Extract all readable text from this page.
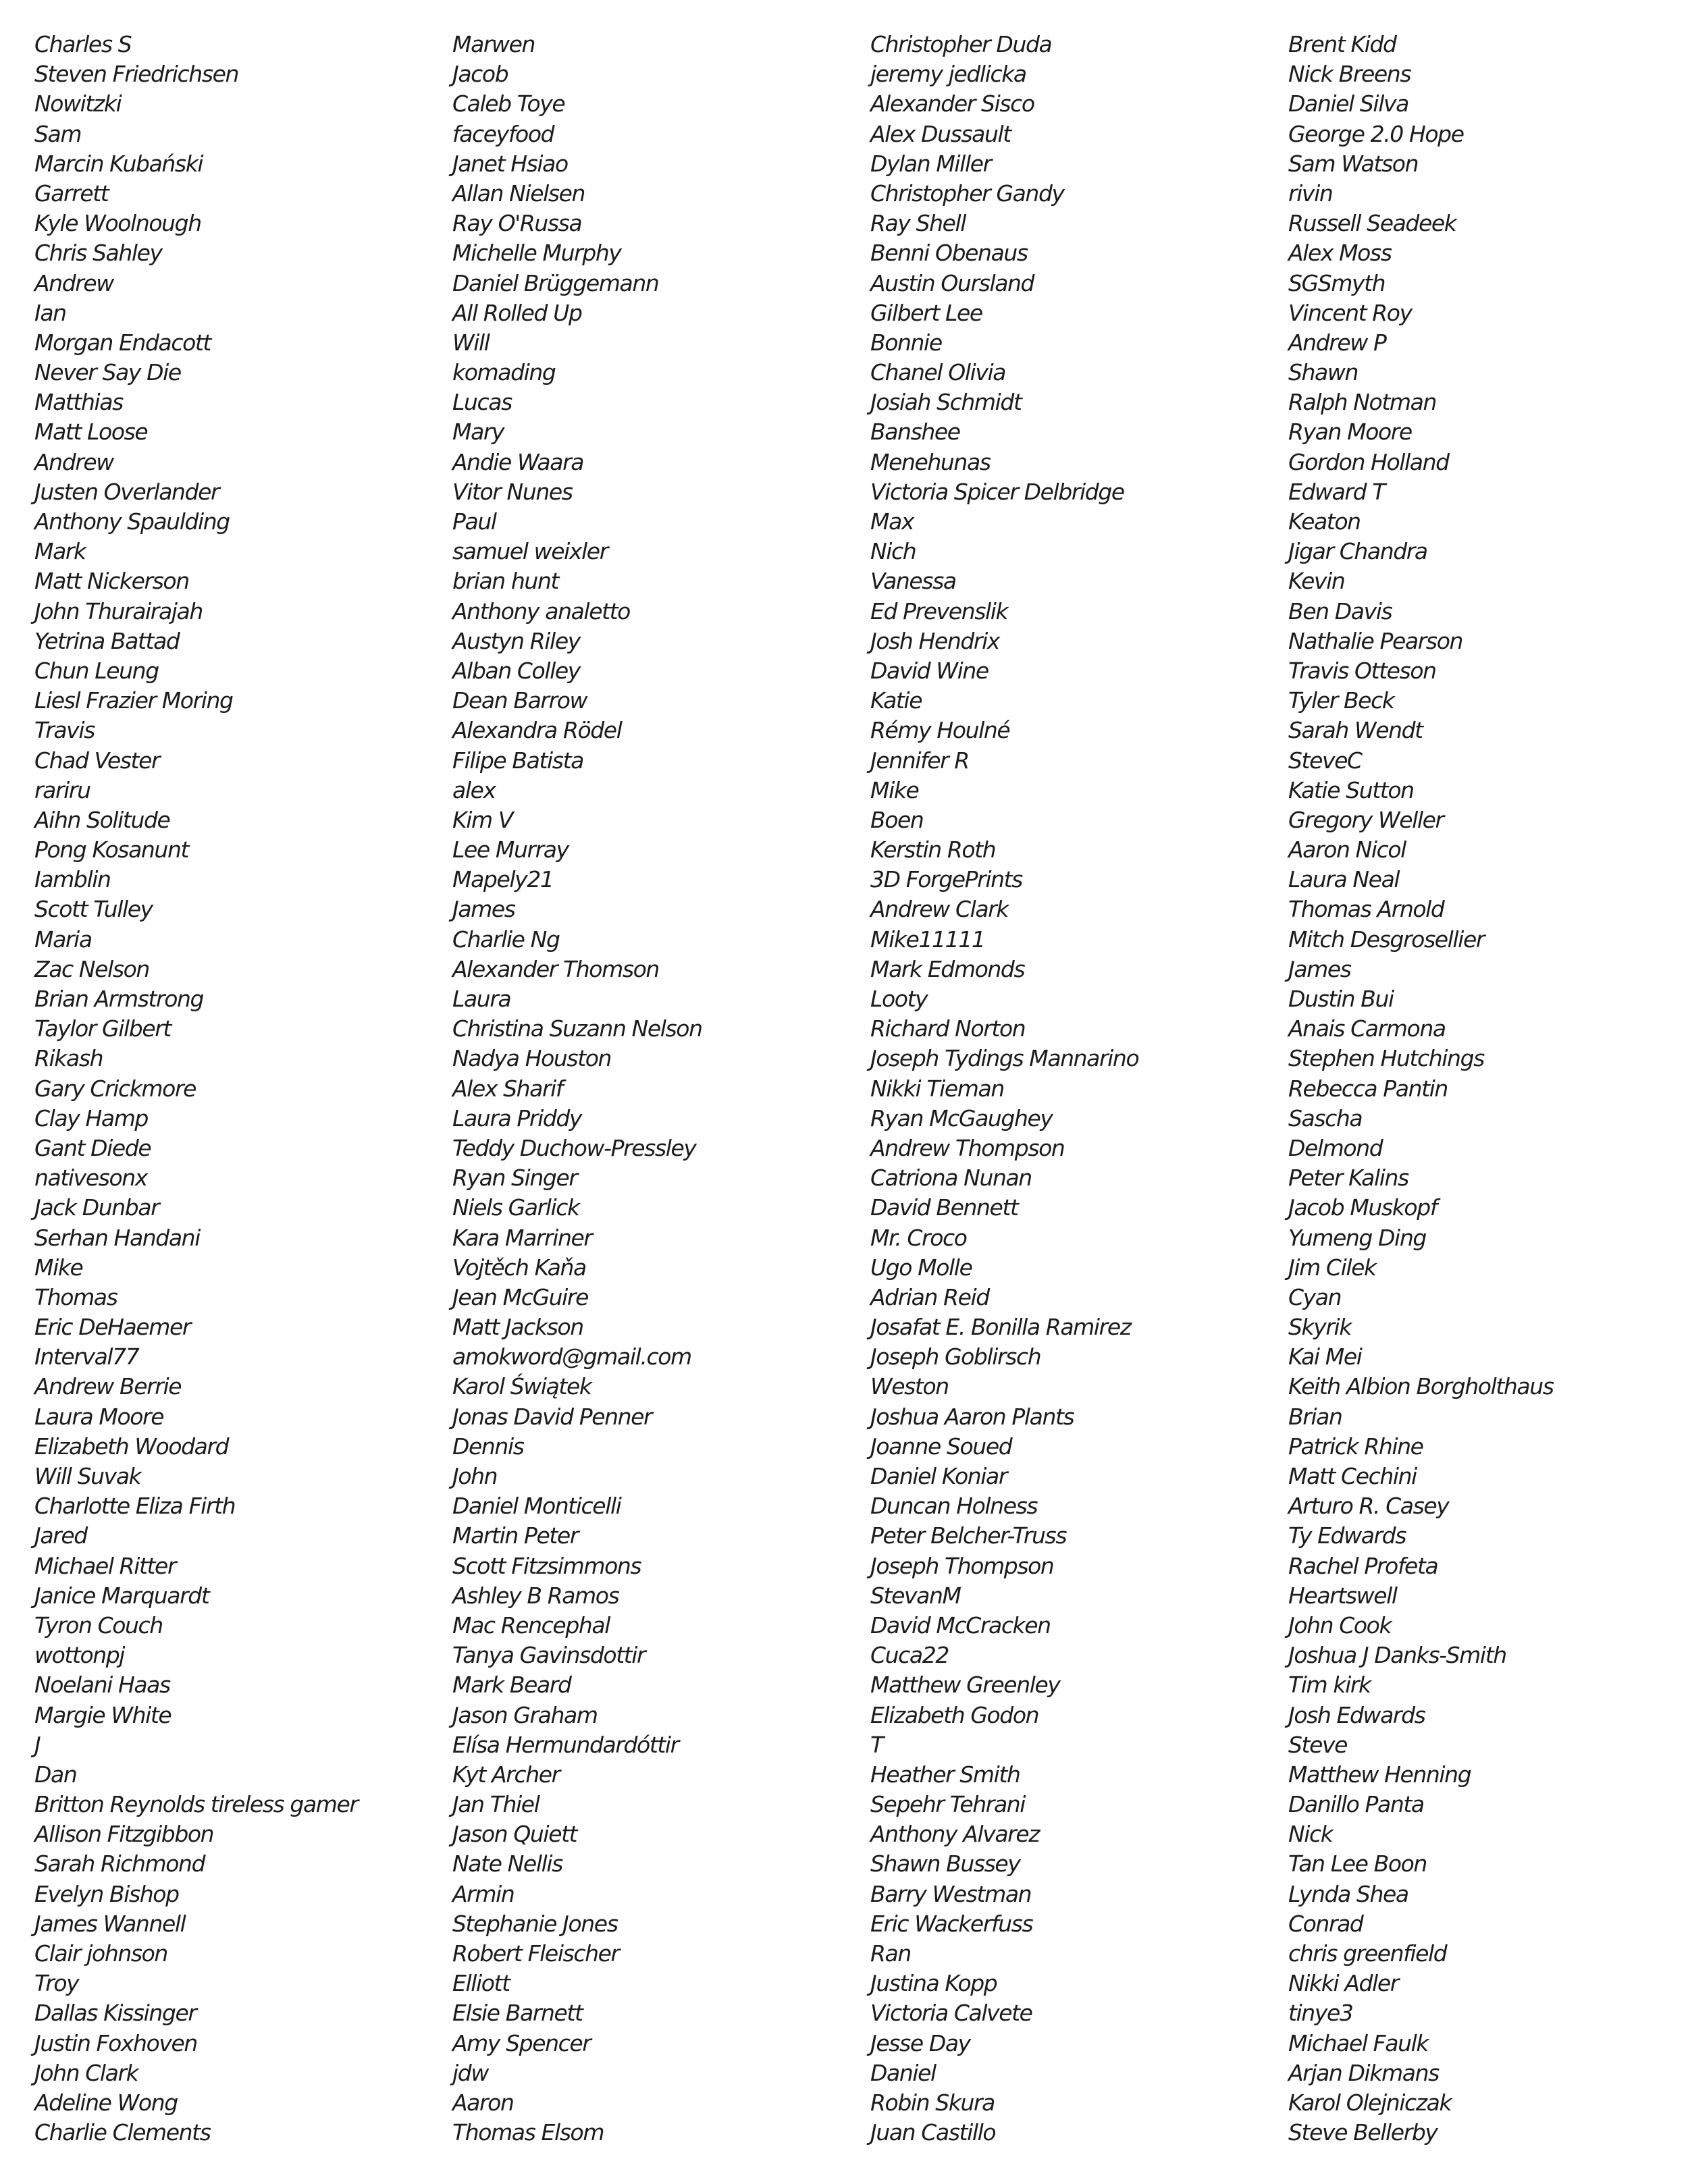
Charles S
Steven Friedrichsen
Nowitzki
Sam
Marcin Kubański
Garrett
Kyle Woolnough
Chris Sahley
Andrew
Ian
Morgan Endacott
Never Say Die
Matthias
Matt Loose
Andrew
Justen Overlander
Anthony Spaulding
Mark
Matt Nickerson
John Thurairajah
Yetrina Battad
Chun Leung
Liesl Frazier Moring
Travis
Chad Vester
rariru
Aihn Solitude
Pong Kosanunt
Iamblin
Scott Tulley
Maria
Zac Nelson
Brian Armstrong
Taylor Gilbert
Rikash
Gary Crickmore
Clay Hamp
Gant Diede
nativesonx
Jack Dunbar
Serhan Handani
Mike
Thomas
Eric DeHaemer
Interval77
Andrew Berrie
Laura Moore
Elizabeth Woodard
Will Suvak
Charlotte Eliza Firth
Jared
Michael Ritter
Janice Marquardt
Tyron Couch
wottonpj
Noelani Haas
Margie White
J
Dan
Britton Reynolds tireless gamer
Allison Fitzgibbon
Sarah Richmond
Evelyn Bishop
James Wannell
Clair johnson
Troy
Dallas Kissinger
Justin Foxhoven
John Clark
Adeline Wong
Charlie Clements
Marwen
Jacob
Caleb Toye
faceyfood
Janet Hsiao
Allan Nielsen
Ray O'Russa
Michelle Murphy
Daniel Brüggemann
All Rolled Up
Will
komading
Lucas
Mary
Andie Waara
Vitor Nunes
Paul
samuel weixler
brian hunt
Anthony analetto
Austyn Riley
Alban Colley
Dean Barrow
Alexandra Rödel
Filipe Batista
alex
Kim V
Lee Murray
Mapely21
James
Charlie Ng
Alexander Thomson
Laura
Christina Suzann Nelson
Nadya Houston
Alex Sharif
Laura Priddy
Teddy Duchow-Pressley
Ryan Singer
Niels Garlick
Kara Marriner
Vojtěch Kaňa
Jean McGuire
Matt Jackson
amokword@gmail.com
Karol Świątek
Jonas David Penner
Dennis
John
Daniel Monticelli
Martin Peter
Scott Fitzsimmons
Ashley B Ramos
Mac Rencephal
Tanya Gavinsdottir
Mark Beard
Jason Graham
Elísa Hermundardóttir
Kyt Archer
Jan Thiel
Jason Quiett
Nate Nellis
Armin
Stephanie Jones
Robert Fleischer
Elliott
Elsie Barnett
Amy Spencer
jdw
Aaron
Thomas Elsom
Christopher Duda
jeremy jedlicka
Alexander Sisco
Alex Dussault
Dylan Miller
Christopher Gandy
Ray Shell
Benni Obenaus
Austin Oursland
Gilbert Lee
Bonnie
Chanel Olivia
Josiah Schmidt
Banshee
Menehunas
Victoria Spicer Delbridge
Max
Nich
Vanessa
Ed Prevenslik
Josh Hendrix
David Wine
Katie
Rémy Houlné
Jennifer R
Mike
Boen
Kerstin Roth
3D ForgePrints
Andrew Clark
Mike11111
Mark Edmonds
Looty
Richard Norton
Joseph Tydings Mannarino
Nikki Tieman
Ryan McGaughey
Andrew Thompson
Catriona Nunan
David Bennett
Mr. Croco
Ugo Molle
Adrian Reid
Josafat E. Bonilla Ramirez
Joseph Goblirsch
Weston
Joshua Aaron Plants
Joanne Soued
Daniel Koniar
Duncan Holness
Peter Belcher-Truss
Joseph Thompson
StevanM
David McCracken
Cuca22
Matthew Greenley
Elizabeth Godon
T
Heather Smith
Sepehr Tehrani
Anthony Alvarez
Shawn Bussey
Barry Westman
Eric Wackerfuss
Ran
Justina Kopp
Victoria Calvete
Jesse Day
Daniel
Robin Skura
Juan Castillo
Brent Kidd
Nick Breens
Daniel Silva
George 2.0 Hope
Sam Watson
rivin
Russell Seadeek
Alex Moss
SGSmyth
Vincent Roy
Andrew P
Shawn
Ralph Notman
Ryan Moore
Gordon Holland
Edward T
Keaton
Jigar Chandra
Kevin
Ben Davis
Nathalie Pearson
Travis Otteson
Tyler Beck
Sarah Wendt
SteveC
Katie Sutton
Gregory Weller
Aaron Nicol
Laura Neal
Thomas Arnold
Mitch Desgrosellier
James
Dustin Bui
Anais Carmona
Stephen Hutchings
Rebecca Pantin
Sascha
Delmond
Peter Kalins
Jacob Muskopf
Yumeng Ding
Jim Cilek
Cyan
Skyrik
Kai Mei
Keith Albion Borgholthaus
Brian
Patrick Rhine
Matt Cechini
Arturo R. Casey
Ty Edwards
Rachel Profeta
Heartswell
John Cook
Joshua J Danks-Smith
Tim kirk
Josh Edwards
Steve
Matthew Henning
Danillo Panta
Nick
Tan Lee Boon
Lynda Shea
Conrad
chris greenfield
Nikki Adler
tinye3
Michael Faulk
Arjan Dikmans
Karol Olejniczak
Steve Bellerby
